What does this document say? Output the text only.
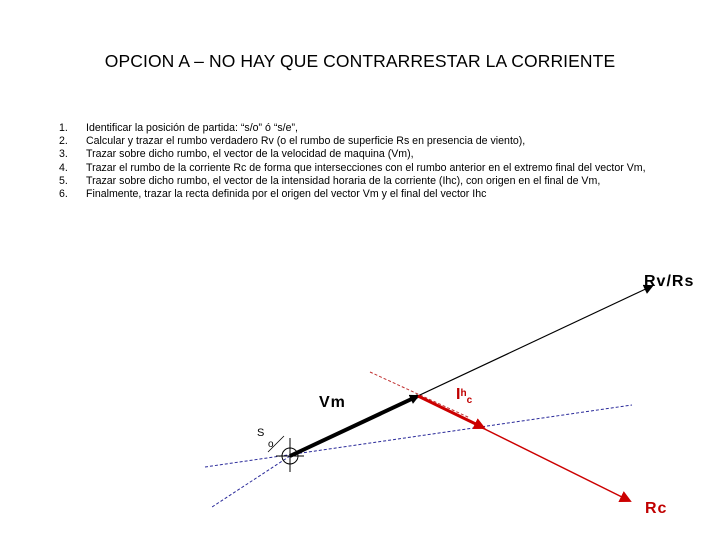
OPCION A – NO HAY QUE CONTRARRESTAR LA CORRIENTE
1.	Identificar la posición de partida: “s/o” ó “s/e”,
2.	Calcular y trazar el rumbo verdadero Rv (o el rumbo de superficie Rs en presencia de viento),
3.	Trazar sobre dicho rumbo, el vector de la velocidad de maquina (Vm),
4.	Trazar el rumbo de la corriente Rc de forma que intersecciones con el rumbo anterior en el extremo final del vector Vm,
5.	Trazar sobre dicho rumbo, el vector de la intensidad horaria de la corriente (Ihc), con origen en el final de Vm,
6.	Finalmente, trazar la recta definida por el origen del vector Vm y el final del vector Ihc
Rv/Rs
Vm	$I^h_c$
Rc
S
o
